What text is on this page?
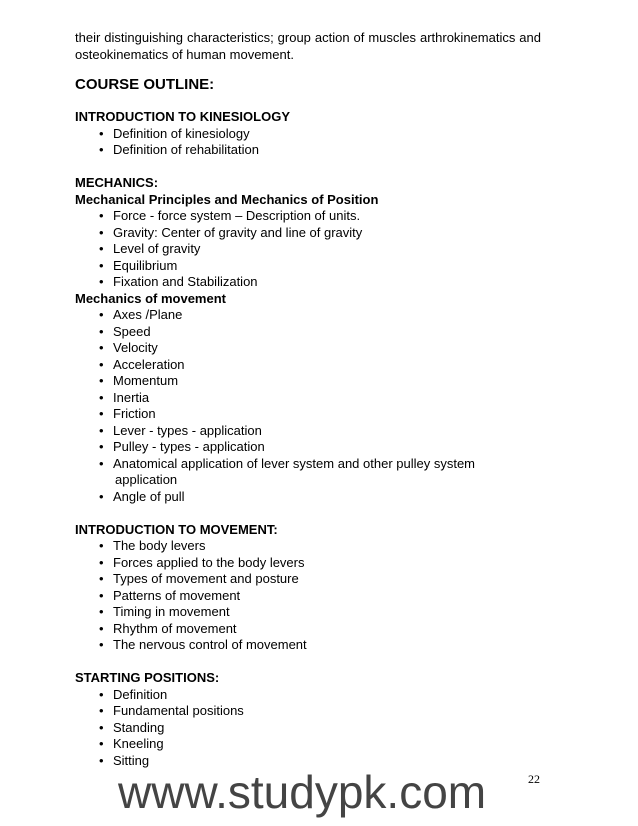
their distinguishing characteristics; group action of muscles arthrokinematics and osteokinematics of human movement.
COURSE OUTLINE:
INTRODUCTION TO KINESIOLOGY
• Definition of kinesiology
• Definition of rehabilitation
MECHANICS:
Mechanical Principles and Mechanics of Position
• Force - force system – Description of units.
• Gravity: Center of gravity and line of gravity
• Level of gravity
• Equilibrium
• Fixation and Stabilization
Mechanics of movement
• Axes /Plane
• Speed
• Velocity
• Acceleration
• Momentum
• Inertia
• Friction
• Lever - types - application
• Pulley - types - application
• Anatomical application of lever system and other pulley system
application
• Angle of pull
INTRODUCTION TO MOVEMENT:
• The body levers
• Forces applied to the body levers
• Types of movement and posture
• Patterns of movement
• Timing in movement
• Rhythm of movement
• The nervous control of movement
STARTING POSITIONS:
• Definition
• Fundamental positions
• Standing
• Kneeling
• Sitting
www.studypk.com	22
